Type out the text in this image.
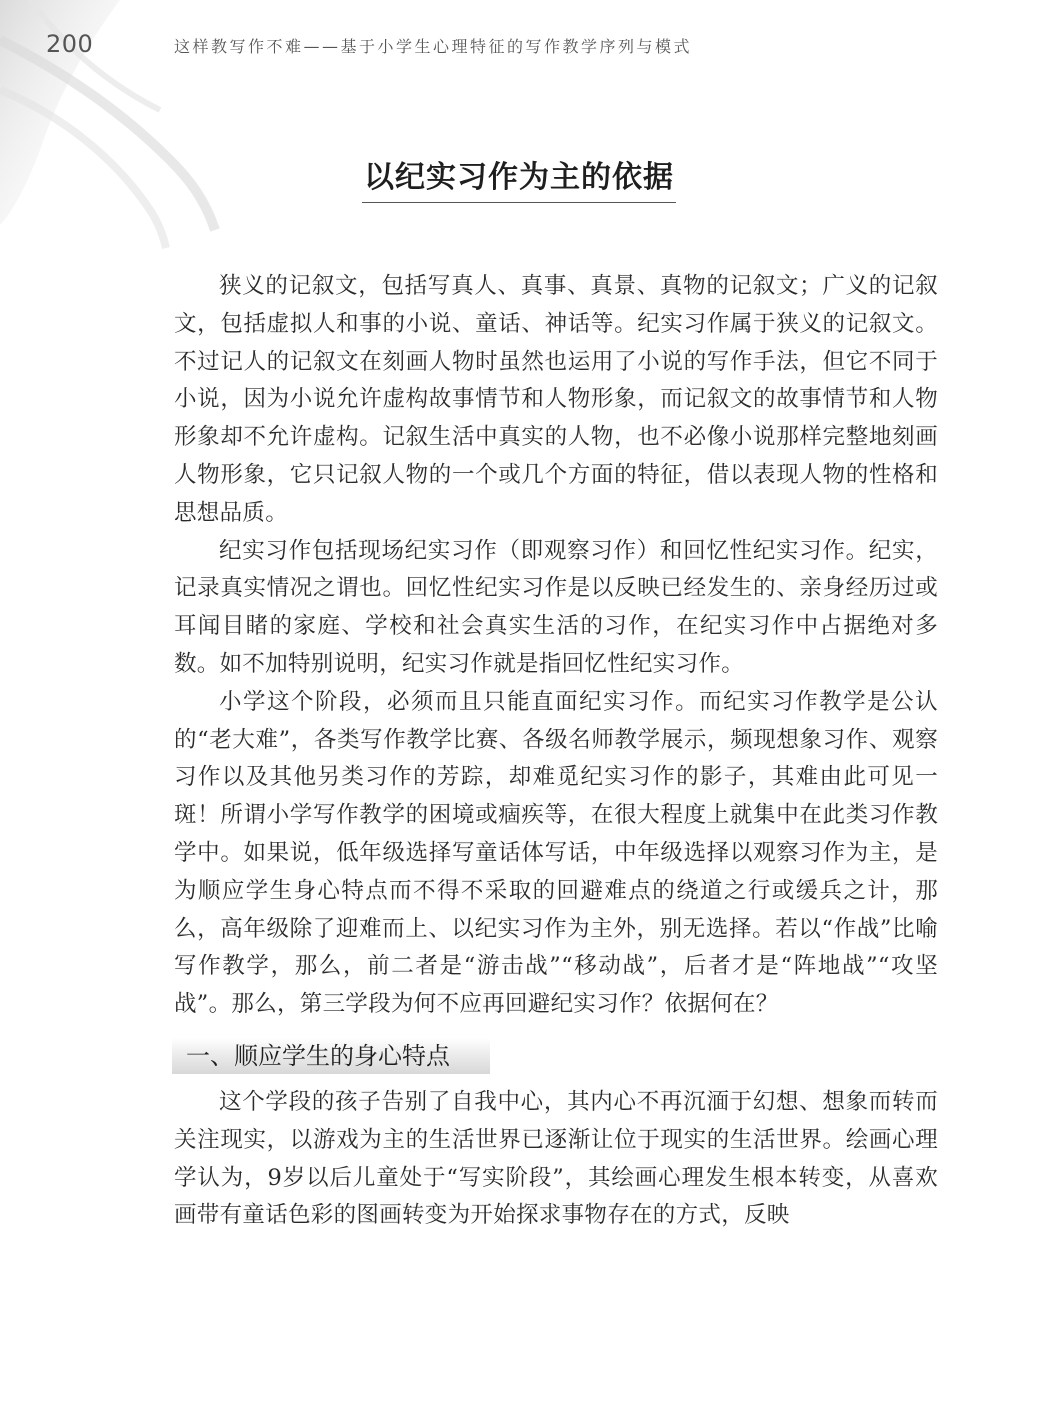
200	这样教写作不难——基于小学生心理特征的写作教学序列与模式
以纪实习作为主的依据

狭义的记叙文，包括写真人、真事、真景、真物的记叙文；广义的记叙文，包括虚拟人和事的小说、童话、神话等。纪实习作属于狭义的记叙文。不过记人的记叙文在刻画人物时虽然也运用了小说的写作手法，但它不同于小说，因为小说允许虚构故事情节和人物形象，而记叙文的故事情节和人物形象却不允许虚构。记叙生活中真实的人物，也不必像小说那样完整地刻画人物形象，它只记叙人物的一个或几个方面的特征，借以表现人物的性格和思想品质。

纪实习作包括现场纪实习作（即观察习作）和回忆性纪实习作。纪实，记录真实情况之谓也。回忆性纪实习作是以反映已经发生的、亲身经历过或耳闻目睹的家庭、学校和社会真实生活的习作，在纪实习作中占据绝对多数。如不加特别说明，纪实习作就是指回忆性纪实习作。

小学这个阶段，必须而且只能直面纪实习作。而纪实习作教学是公认的“老大难”，各类写作教学比赛、各级名师教学展示，频现想象习作、观察习作以及其他另类习作的芳踪，却难觅纪实习作的影子，其难由此可见一斑！所谓小学写作教学的困境或痼疾等，在很大程度上就集中在此类习作教学中。如果说，低年级选择写童话体写话，中年级选择以观察习作为主，是为顺应学生身心特点而不得不采取的回避难点的绕道之行或缓兵之计，那么，高年级除了迎难而上、以纪实习作为主外，别无选择。若以“作战”比喻写作教学，那么，前二者是“游击战”“移动战”，后者才是“阵地战”“攻坚战”。那么，第三学段为何不应再回避纪实习作？依据何在？

一、顺应学生的身心特点

这个学段的孩子告别了自我中心，其内心不再沉湎于幻想、想象而转而关注现实，以游戏为主的生活世界已逐渐让位于现实的生活世界。绘画心理学认为，9岁以后儿童处于“写实阶段”，其绘画心理发生根本转变，从喜欢画带有童话色彩的图画转变为开始探求事物存在的方式，反映
